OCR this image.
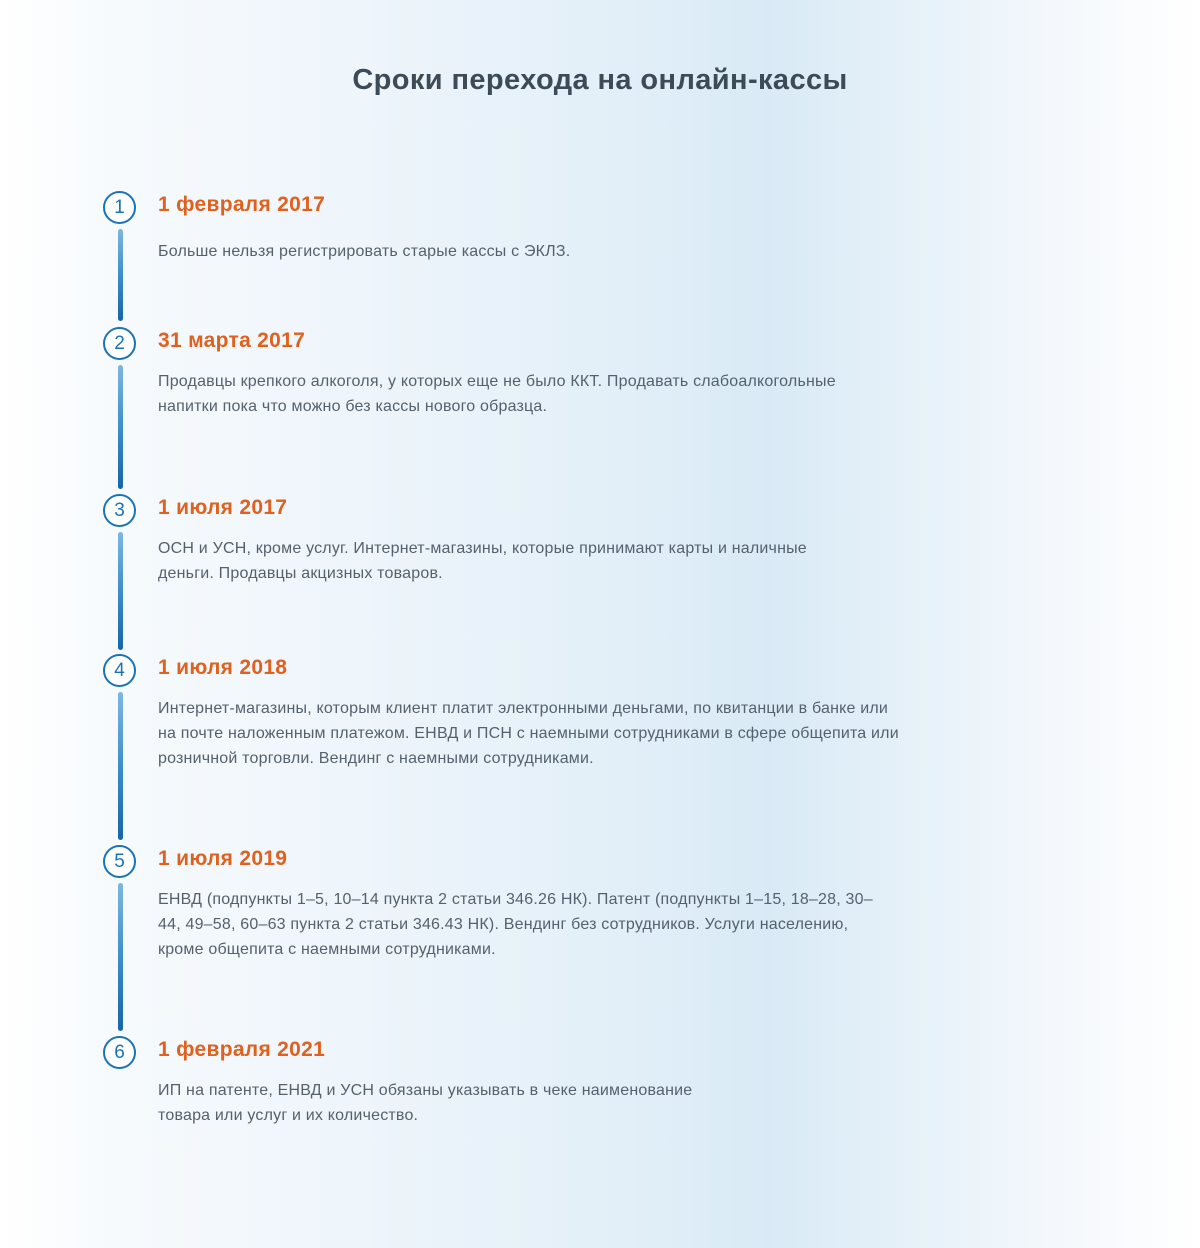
Сроки перехода на онлайн-кассы
1	1 февраля 2017
Больше нельзя регистрировать старые кассы с ЭКЛЗ.
2	31 марта 2017
Продавцы крепкого алкоголя, у которых еще не было ККТ. Продавать слабоалкогольные напитки пока что можно без кассы нового образца.
3	1 июля 2017
ОСН и УСН, кроме услуг. Интернет-магазины, которые принимают карты и наличные деньги. Продавцы акцизных товаров.
4	1 июля 2018
Интернет-магазины, которым клиент платит электронными деньгами, по квитанции в банке или на почте наложенным платежом. ЕНВД и ПСН с наемными сотрудниками в сфере общепита или розничной торговли. Вендинг с наемными сотрудниками.
5	1 июля 2019
ЕНВД (подпункты 1–5, 10–14 пункта 2 статьи 346.26 НК). Патент (подпункты 1–15, 18–28, 30–44, 49–58, 60–63 пункта 2 статьи 346.43 НК). Вендинг без сотрудников. Услуги населению, кроме общепита с наемными сотрудниками.
6	1 февраля 2021
ИП на патенте, ЕНВД и УСН обязаны указывать в чеке наименование товара или услуг и их количество.
